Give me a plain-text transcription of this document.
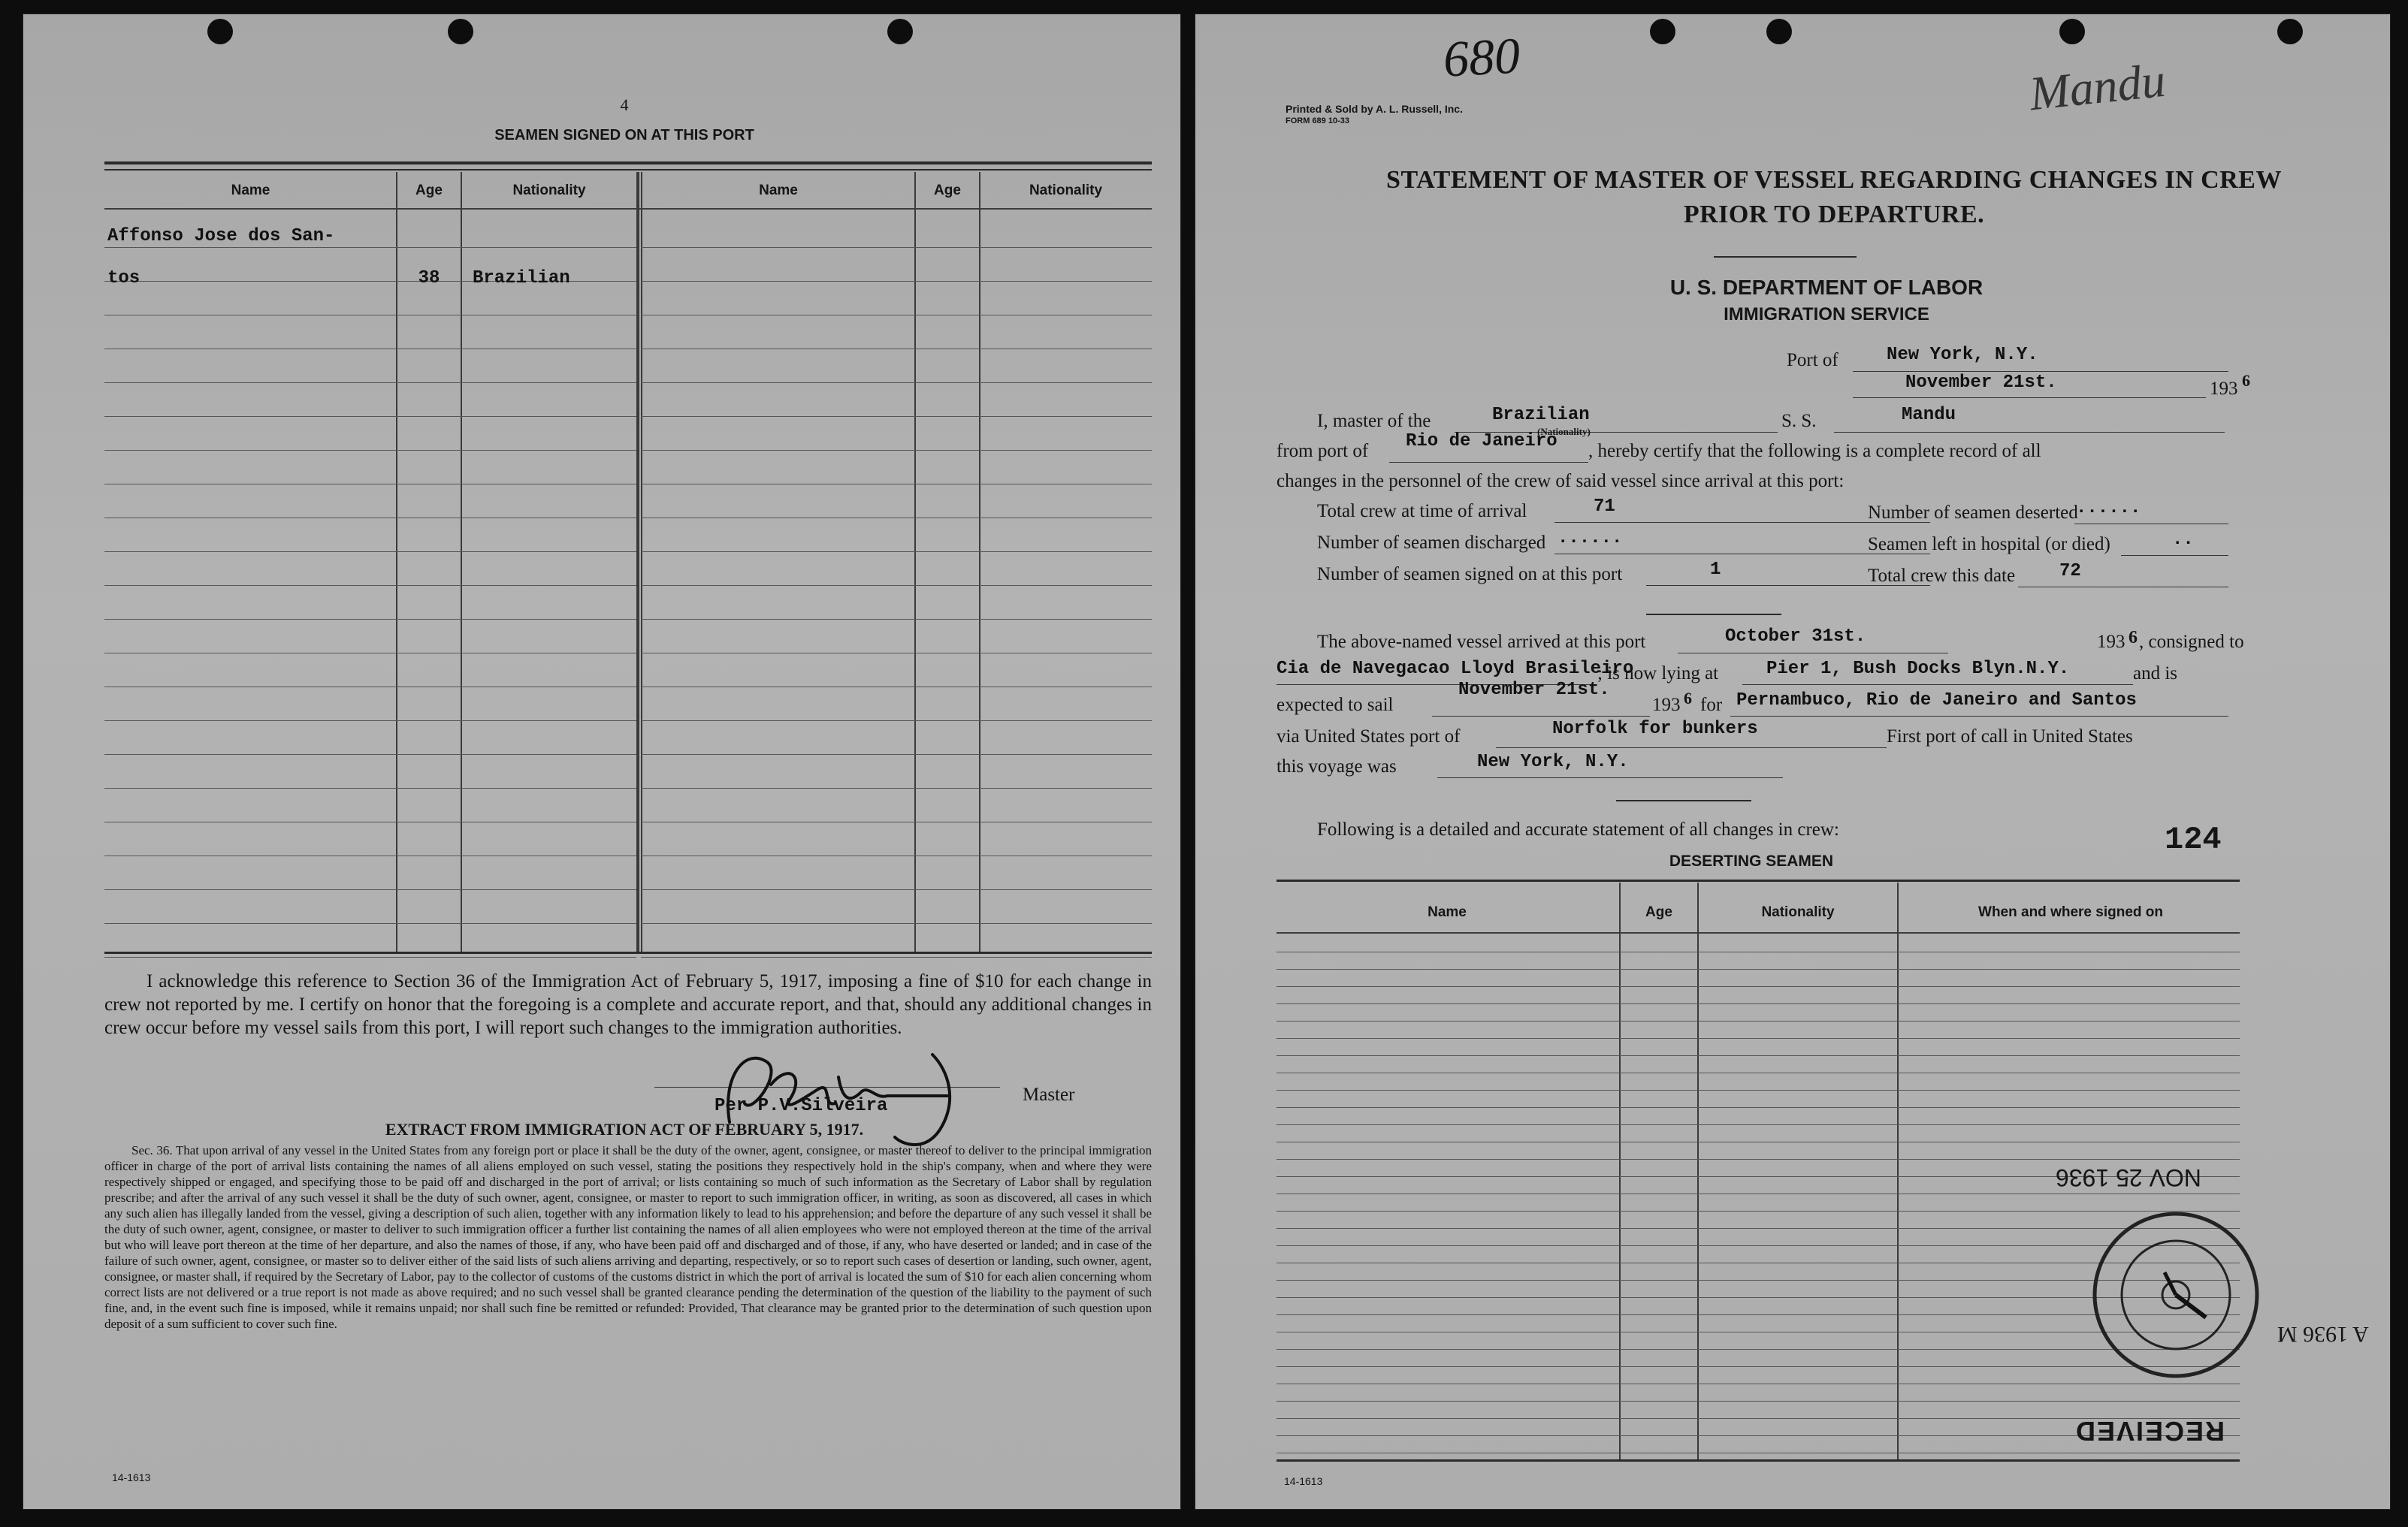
4
SEAMEN SIGNED ON AT THIS PORT
Name	Age	Nationality	Name	Age	Nationality
Affonso Jose dos San-
tos	38	Brazilian
I acknowledge this reference to Section 36 of the Immigration Act of February 5, 1917, imposing a fine of $10 for each change in crew not reported by me. I certify on honor that the foregoing is a complete and accurate report, and that, should any additional changes in crew occur before my vessel sails from this port, I will report such changes to the immigration authorities.
Master
Per P.V.Silveira
EXTRACT FROM IMMIGRATION ACT OF FEBRUARY 5, 1917.
Sec. 36. That upon arrival of any vessel in the United States from any foreign port or place it shall be the duty of the owner, agent, consignee, or master thereof to deliver to the principal immigration officer in charge of the port of arrival lists containing the names of all aliens employed on such vessel, stating the positions they respectively hold in the ship's company, when and where they were respectively shipped or engaged, and specifying those to be paid off and discharged in the port of arrival; or lists containing so much of such information as the Secretary of Labor shall by regulation prescribe; and after the arrival of any such vessel it shall be the duty of such owner, agent, consignee, or master to report to such immigration officer, in writing, as soon as discovered, all cases in which any such alien has illegally landed from the vessel, giving a description of such alien, together with any information likely to lead to his apprehension; and before the departure of any such vessel it shall be the duty of such owner, agent, consignee, or master to deliver to such immigration officer a further list containing the names of all alien employees who were not employed thereon at the time of the arrival but who will leave port thereon at the time of her departure, and also the names of those, if any, who have been paid off and discharged and of those, if any, who have deserted or landed; and in case of the failure of such owner, agent, consignee, or master so to deliver either of the said lists of such aliens arriving and departing, respectively, or so to report such cases of desertion or landing, such owner, agent, consignee, or master shall, if required by the Secretary of Labor, pay to the collector of customs of the customs district in which the port of arrival is located the sum of $10 for each alien concerning whom correct lists are not delivered or a true report is not made as above required; and no such vessel shall be granted clearance pending the determination of the question of the liability to the payment of such fine, and, in the event such fine is imposed, while it remains unpaid; nor shall such fine be remitted or refunded: Provided, That clearance may be granted prior to the determination of such question upon deposit of a sum sufficient to cover such fine.
14-1613
680	Mandu
Printed & Sold by A. L. Russell, Inc.
FORM 689 10-33
STATEMENT OF MASTER OF VESSEL REGARDING CHANGES IN CREW
PRIOR TO DEPARTURE.
U. S. DEPARTMENT OF LABOR
IMMIGRATION SERVICE
Port of	New York, N.Y.
November 21st.	193 6
I, master of the	Brazilian
(Nationality)
S. S.	Mandu
from port of Rio de Janeiro , hereby certify that the following is a complete record of all
changes in the personnel of the crew of said vessel since arrival at this port:
Total crew at time of arrival	71	Number of seamen deserted
......
Number of seamen discharged ......	Seamen left in hospital (or died)	..
Number of seamen signed on at this port	1	Total crew this date 72
The above-named vessel arrived at this port	October 31st.	193 6 , consigned to
Cia de Navegacao Lloyd Brasileiro
; is now lying at	Pier 1, Bush Docks Blyn.N.Y.	and is
expected to sail
November 21st.
193 6 for Pernambuco, Rio de Janeiro and Santos
via United States port of	Norfolk for bunkers	First port of call in United States
this voyage was	New York, N.Y.
Following is a detailed and accurate statement of all changes in crew:	124
DESERTING SEAMEN
Name	Age	Nationality	When and where signed on
NOV 25 1936
RECEIVED
A 1936 M
14-1613
